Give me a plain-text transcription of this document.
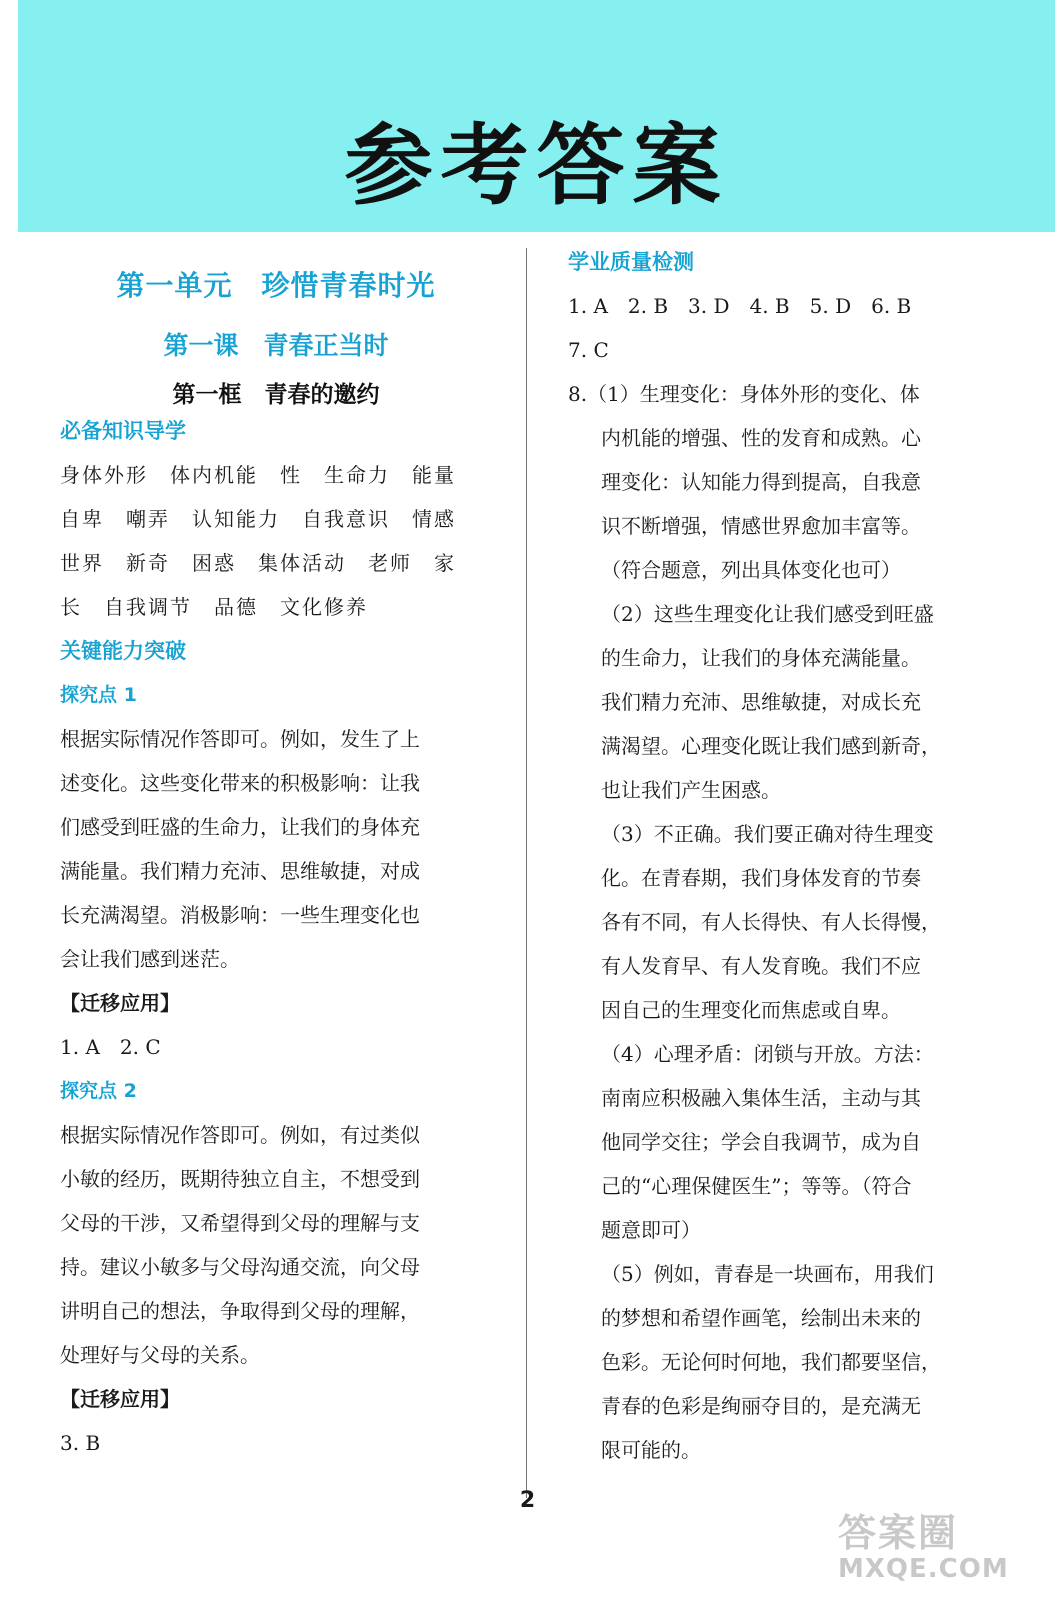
参考答案
第一单元　珍惜青春时光
第一课　青春正当时
第一框　青春的邀约
必备知识导学

身体外形　体内机能　性　生命力　能量

自卑　嘲弄　认知能力　自我意识　情感

世界　新奇　困惑　集体活动　老师　家

长　自我调节　品德　文化修养

关键能力突破
探究点 1

根据实际情况作答即可。例如，发生了上

述变化。这些变化带来的积极影响：让我

们感受到旺盛的生命力，让我们的身体充

满能量。我们精力充沛、思维敏捷，对成

长充满渴望。消极影响：一些生理变化也

会让我们感到迷茫。

【迁移应用】

1. A　2. C

探究点 2

根据实际情况作答即可。例如，有过类似

小敏的经历，既期待独立自主，不想受到

父母的干涉，又希望得到父母的理解与支

持。建议小敏多与父母沟通交流，向父母

讲明自己的想法，争取得到父母的理解，

处理好与父母的关系。

【迁移应用】

3. B

学业质量检测

1. A　2. B　3. D　4. B　5. D　6. B

7. C

8.（1）生理变化：身体外形的变化、体

内机能的增强、性的发育和成熟。心

理变化：认知能力得到提高，自我意

识不断增强，情感世界愈加丰富等。

（符合题意，列出具体变化也可）

（2）这些生理变化让我们感受到旺盛

的生命力，让我们的身体充满能量。

我们精力充沛、思维敏捷，对成长充

满渴望。心理变化既让我们感到新奇，

也让我们产生困惑。

（3）不正确。我们要正确对待生理变

化。在青春期，我们身体发育的节奏

各有不同，有人长得快、有人长得慢，

有人发育早、有人发育晚。我们不应

因自己的生理变化而焦虑或自卑。

（4）心理矛盾：闭锁与开放。方法：

南南应积极融入集体生活，主动与其

他同学交往；学会自我调节，成为自

己的“心理保健医生”；等等。（符合

题意即可）

（5）例如，青春是一块画布，用我们

的梦想和希望作画笔，绘制出未来的

色彩。无论何时何地，我们都要坚信，

青春的色彩是绚丽夺目的，是充满无

限可能的。

2
答案圈
MXQE.COM
